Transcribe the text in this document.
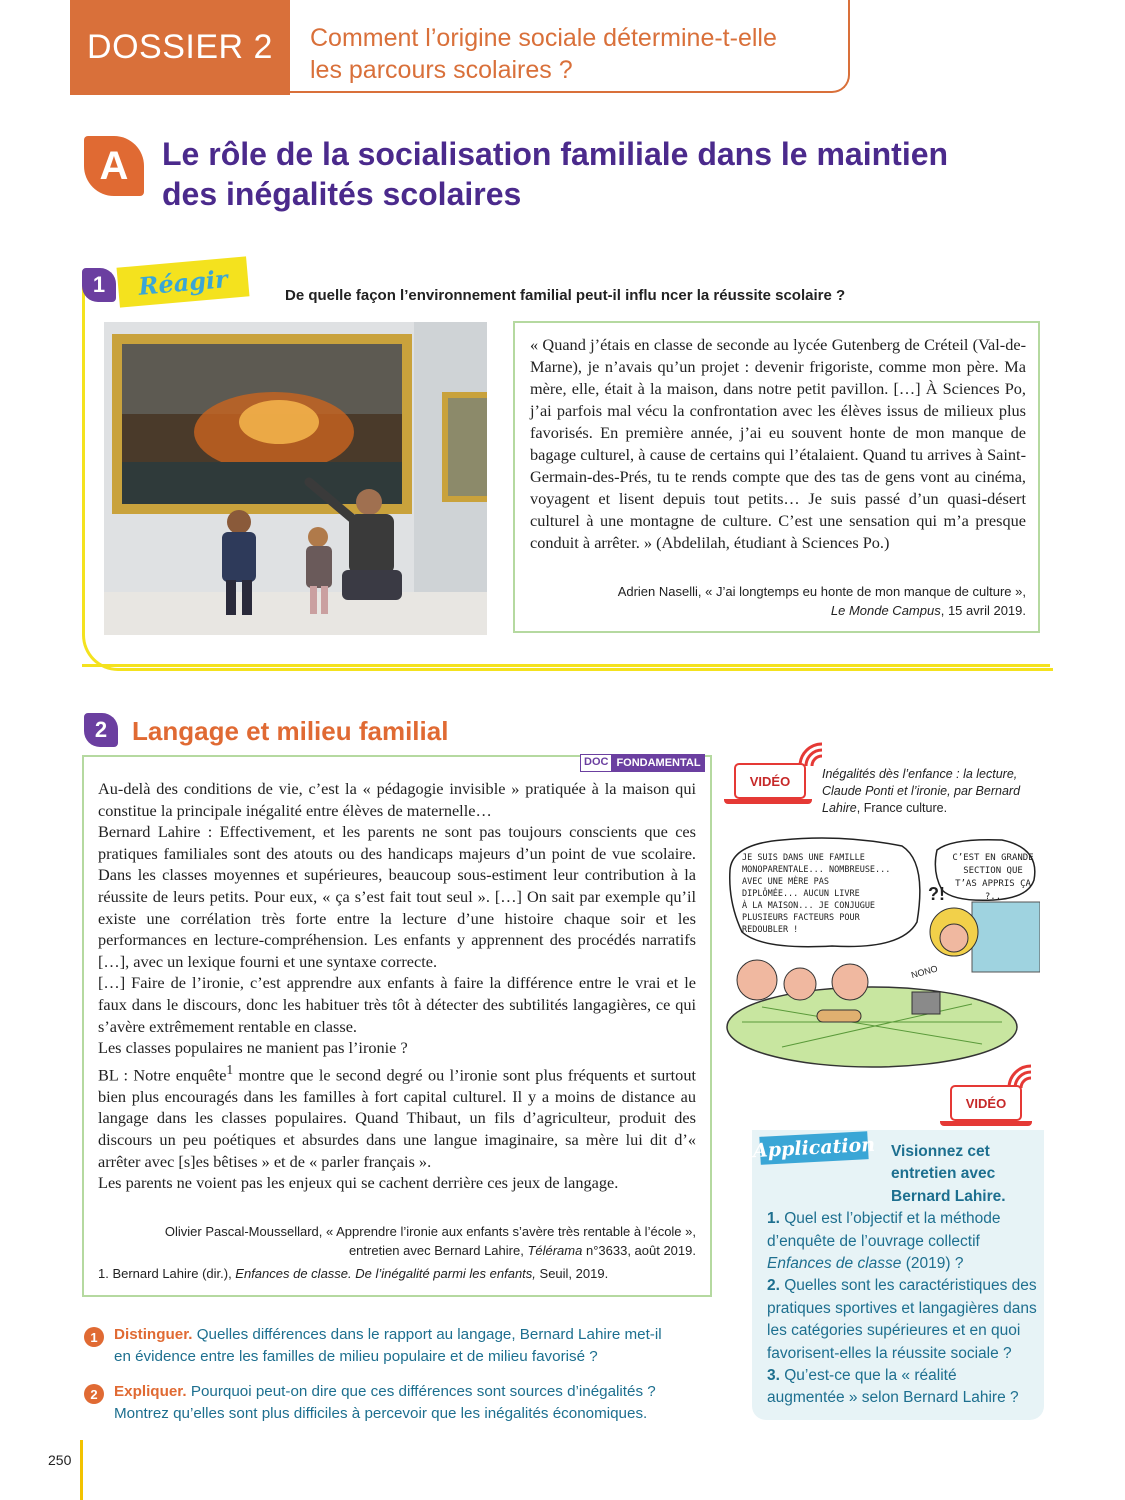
DOSSIER 2	Comment l’origine sociale détermine-t-elle
les parcours scolaires ?
A	Le rôle de la socialisation familiale dans le maintien
des inégalités scolaires
1	Réagir	De quelle façon l’environnement familial peut-il influ ncer la réussite scolaire ?
« Quand j’étais en classe de seconde au lycée Gutenberg de Créteil (Val-de-Marne), je n’avais qu’un projet : devenir frigoriste, comme mon père. Ma mère, elle, était à la maison, dans notre petit pavillon. […] À Sciences Po, j’ai parfois mal vécu la confrontation avec les élèves issus de milieux plus favorisés. En première année, j’ai eu souvent honte de mon manque de bagage culturel, à cause de certains qui l’étalaient. Quand tu arrives à Saint-Germain-des-Prés, tu te rends compte que des tas de gens vont au cinéma, voyagent et lisent depuis tout petits… Je suis passé d’un quasi-désert culturel à une montagne de culture. C’est une sensation qui m’a presque conduit à arrêter. » (Abdelilah, étudiant à Sciences Po.)
Adrien Naselli, « J’ai longtemps eu honte de mon manque de culture »,
Le Monde Campus, 15 avril 2019.
2 Langage et milieu familial
DOC FONDAMENTAL
Au-delà des conditions de vie, c’est la « pédagogie invisible » pratiquée à la maison qui constitue la principale inégalité entre élèves de maternelle…
Bernard Lahire : Effectivement, et les parents ne sont pas toujours conscients que ces pratiques familiales sont des atouts ou des handicaps majeurs d’un point de vue scolaire. Dans les classes moyennes et supérieures, beaucoup sous-estiment leur contribution à la réussite de leurs petits. Pour eux, « ça s’est fait tout seul ». […] On sait par exemple qu’il existe une corrélation très forte entre la lecture d’une histoire chaque soir et les performances en lecture-compréhension. Les enfants y apprennent des procédés narratifs […], avec un lexique fourni et une syntaxe correcte.
[…] Faire de l’ironie, c’est apprendre aux enfants à faire la différence entre le vrai et le faux dans le discours, donc les habituer très tôt à détecter des subtilités langagières, ce qui s’avère extrêmement rentable en classe.
Les classes populaires ne manient pas l’ironie ?
BL : Notre enquête$^1$ montre que le second degré ou l’ironie sont plus fréquents et surtout bien plus encouragés dans les familles à fort capital culturel. Il y a moins de distance au langage dans les classes populaires. Quand Thibaut, un fils d’agriculteur, produit des discours un peu poétiques et absurdes dans une langue imaginaire, sa mère lui dit d’« arrêter avec [s]es bêtises » et de « parler français ».
Les parents ne voient pas les enjeux qui se cachent derrière ces jeux de langage.
Olivier Pascal-Moussellard, « Apprendre l’ironie aux enfants s’avère très rentable à l’école »,
entretien avec Bernard Lahire, Télérama n°3633, août 2019.
1. Bernard Lahire (dir.), Enfances de classe. De l’inégalité parmi les enfants, Seuil, 2019.
VIDÉO	Inégalités dès l’enfance : la lecture, Claude Ponti et l’ironie, par Bernard Lahire, France culture.
NONO
JE SUIS DANS UNE FAMILLE
MONOPARENTALE... NOMBREUSE...
AVEC UNE MÈRE PAS
DIPLÔMÉE... AUCUN LIVRE
À LA MAISON... JE CONJUGUE
PLUSIEURS FACTEURS POUR
REDOUBLER !
C’EST EN GRANDE
SECTION QUE
T’AS APPRIS ÇA ?..
?!
VIDÉO
Application Visionnez cet entretien avec Bernard Lahire.
1. Quel est l’objectif et la méthode d’enquête de l’ouvrage collectif Enfances de classe (2019) ?
2. Quelles sont les caractéristiques des pratiques sportives et langagières dans les catégories supérieures et en quoi favorisent-elles la réussite sociale ?
3. Qu’est-ce que la « réalité augmentée » selon Bernard Lahire ?
1	Distinguer. Quelles différences dans le rapport au langage, Bernard Lahire met-il
en évidence entre les familles de milieu populaire et de milieu favorisé ?
2	Expliquer. Pourquoi peut-on dire que ces différences sont sources d’inégalités ?
Montrez qu’elles sont plus difficiles à percevoir que les inégalités économiques.
250
